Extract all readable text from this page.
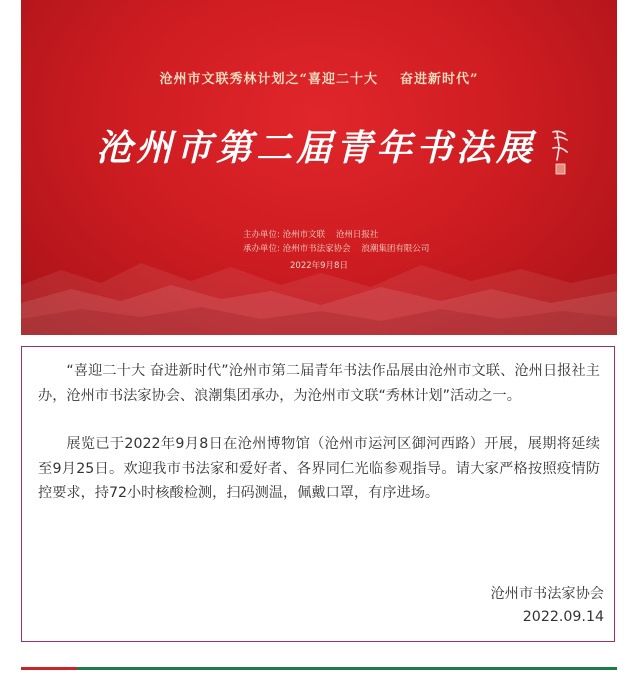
沧州市文联秀林计划之“喜迎二十大    奋进新时代”
沧州市第二届青年书法展
主办单位: 沧州市文联    沧州日报社
承办单位: 沧州市书法家协会    浪潮集团有限公司
2022年9月8日

“喜迎二十大 奋进新时代”沧州市第二届青年书法作品展由沧州市文联、沧州日报社主办，沧州市书法家协会、浪潮集团承办，为沧州市文联“秀林计划”活动之一。

展览已于2022年9月8日在沧州博物馆（沧州市运河区御河西路）开展，展期将延续至9月25日。欢迎我市书法家和爱好者、各界同仁光临参观指导。请大家严格按照疫情防控要求，持72小时核酸检测，扫码测温，佩戴口罩，有序进场。

沧州市书法家协会
2022.09.14
